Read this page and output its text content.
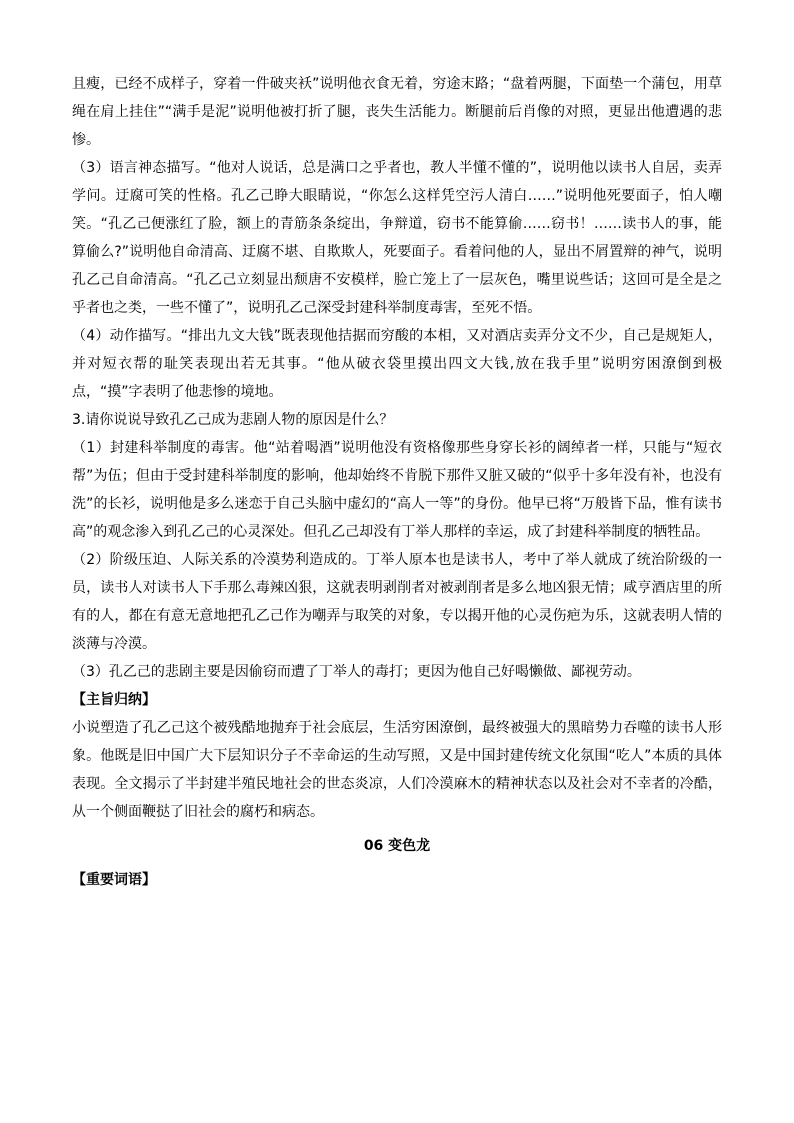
且瘦，已经不成样子，穿着一件破夹袄”说明他衣食无着，穷途末路；“盘着两腿，下面垫一个蒲包，用草绳在肩上挂住”“满手是泥”说明他被打折了腿，丧失生活能力。断腿前后肖像的对照，更显出他遭遇的悲惨。

（3）语言神态描写。“他对人说话，总是满口之乎者也，教人半懂不懂的”，说明他以读书人自居，卖弄学问。迂腐可笑的性格。孔乙己睁大眼睛说，“你怎么这样凭空污人清白……”说明他死要面子，怕人嘲笑。“孔乙己便涨红了脸，额上的青筋条条绽出，争辩道，窃书不能算偷……窃书！……读书人的事，能算偷么?”说明他自命清高、迂腐不堪、自欺欺人，死要面子。看着问他的人，显出不屑置辩的神气，说明孔乙己自命清高。“孔乙己立刻显出颓唐不安模样，脸亡笼上了一层灰色，嘴里说些话；这回可是全是之乎者也之类，一些不懂了”，说明孔乙己深受封建科举制度毒害，至死不悟。

（4）动作描写。“排出九文大钱”既表现他拮据而穷酸的本相，又对酒店卖弄分文不少，自己是规矩人，并对短衣帮的耻笑表现出若无其事。“他从破衣袋里摸出四文大钱,放在我手里”说明穷困潦倒到极点，“摸”字表明了他悲惨的境地。

3.请你说说导致孔乙己成为悲剧人物的原因是什么？

（1）封建科举制度的毒害。他“站着喝酒”说明他没有资格像那些身穿长衫的阔绰者一样，只能与“短衣帮”为伍；但由于受封建科举制度的影响，他却始终不肯脱下那件又脏又破的“似乎十多年没有补，也没有洗”的长衫，说明他是多么迷恋于自己头脑中虚幻的“高人一等”的身份。他早已将“万般皆下品，惟有读书高”的观念渗入到孔乙己的心灵深处。但孔乙己却没有丁举人那样的幸运，成了封建科举制度的牺牲品。

（2）阶级压迫、人际关系的冷漠势利造成的。丁举人原本也是读书人，考中了举人就成了统治阶级的一员，读书人对读书人下手那么毒辣凶狠，这就表明剥削者对被剥削者是多么地凶狠无情；咸亨酒店里的所有的人，都在有意无意地把孔乙己作为嘲弄与取笑的对象，专以揭开他的心灵伤疤为乐，这就表明人情的淡薄与冷漠。

（3）孔乙己的悲剧主要是因偷窃而遭了丁举人的毒打；更因为他自己好喝懒做、鄙视劳动。

【主旨归纳】

小说塑造了孔乙己这个被残酷地抛弃于社会底层，生活穷困潦倒，最终被强大的黑暗势力吞噬的读书人形象。他既是旧中国广大下层知识分子不幸命运的生动写照，又是中国封建传统文化氛围“吃人”本质的具体表现。全文揭示了半封建半殖民地社会的世态炎凉，人们冷漠麻木的精神状态以及社会对不幸者的冷酷，从一个侧面鞭挞了旧社会的腐朽和病态。

06 变色龙

【重要词语】
